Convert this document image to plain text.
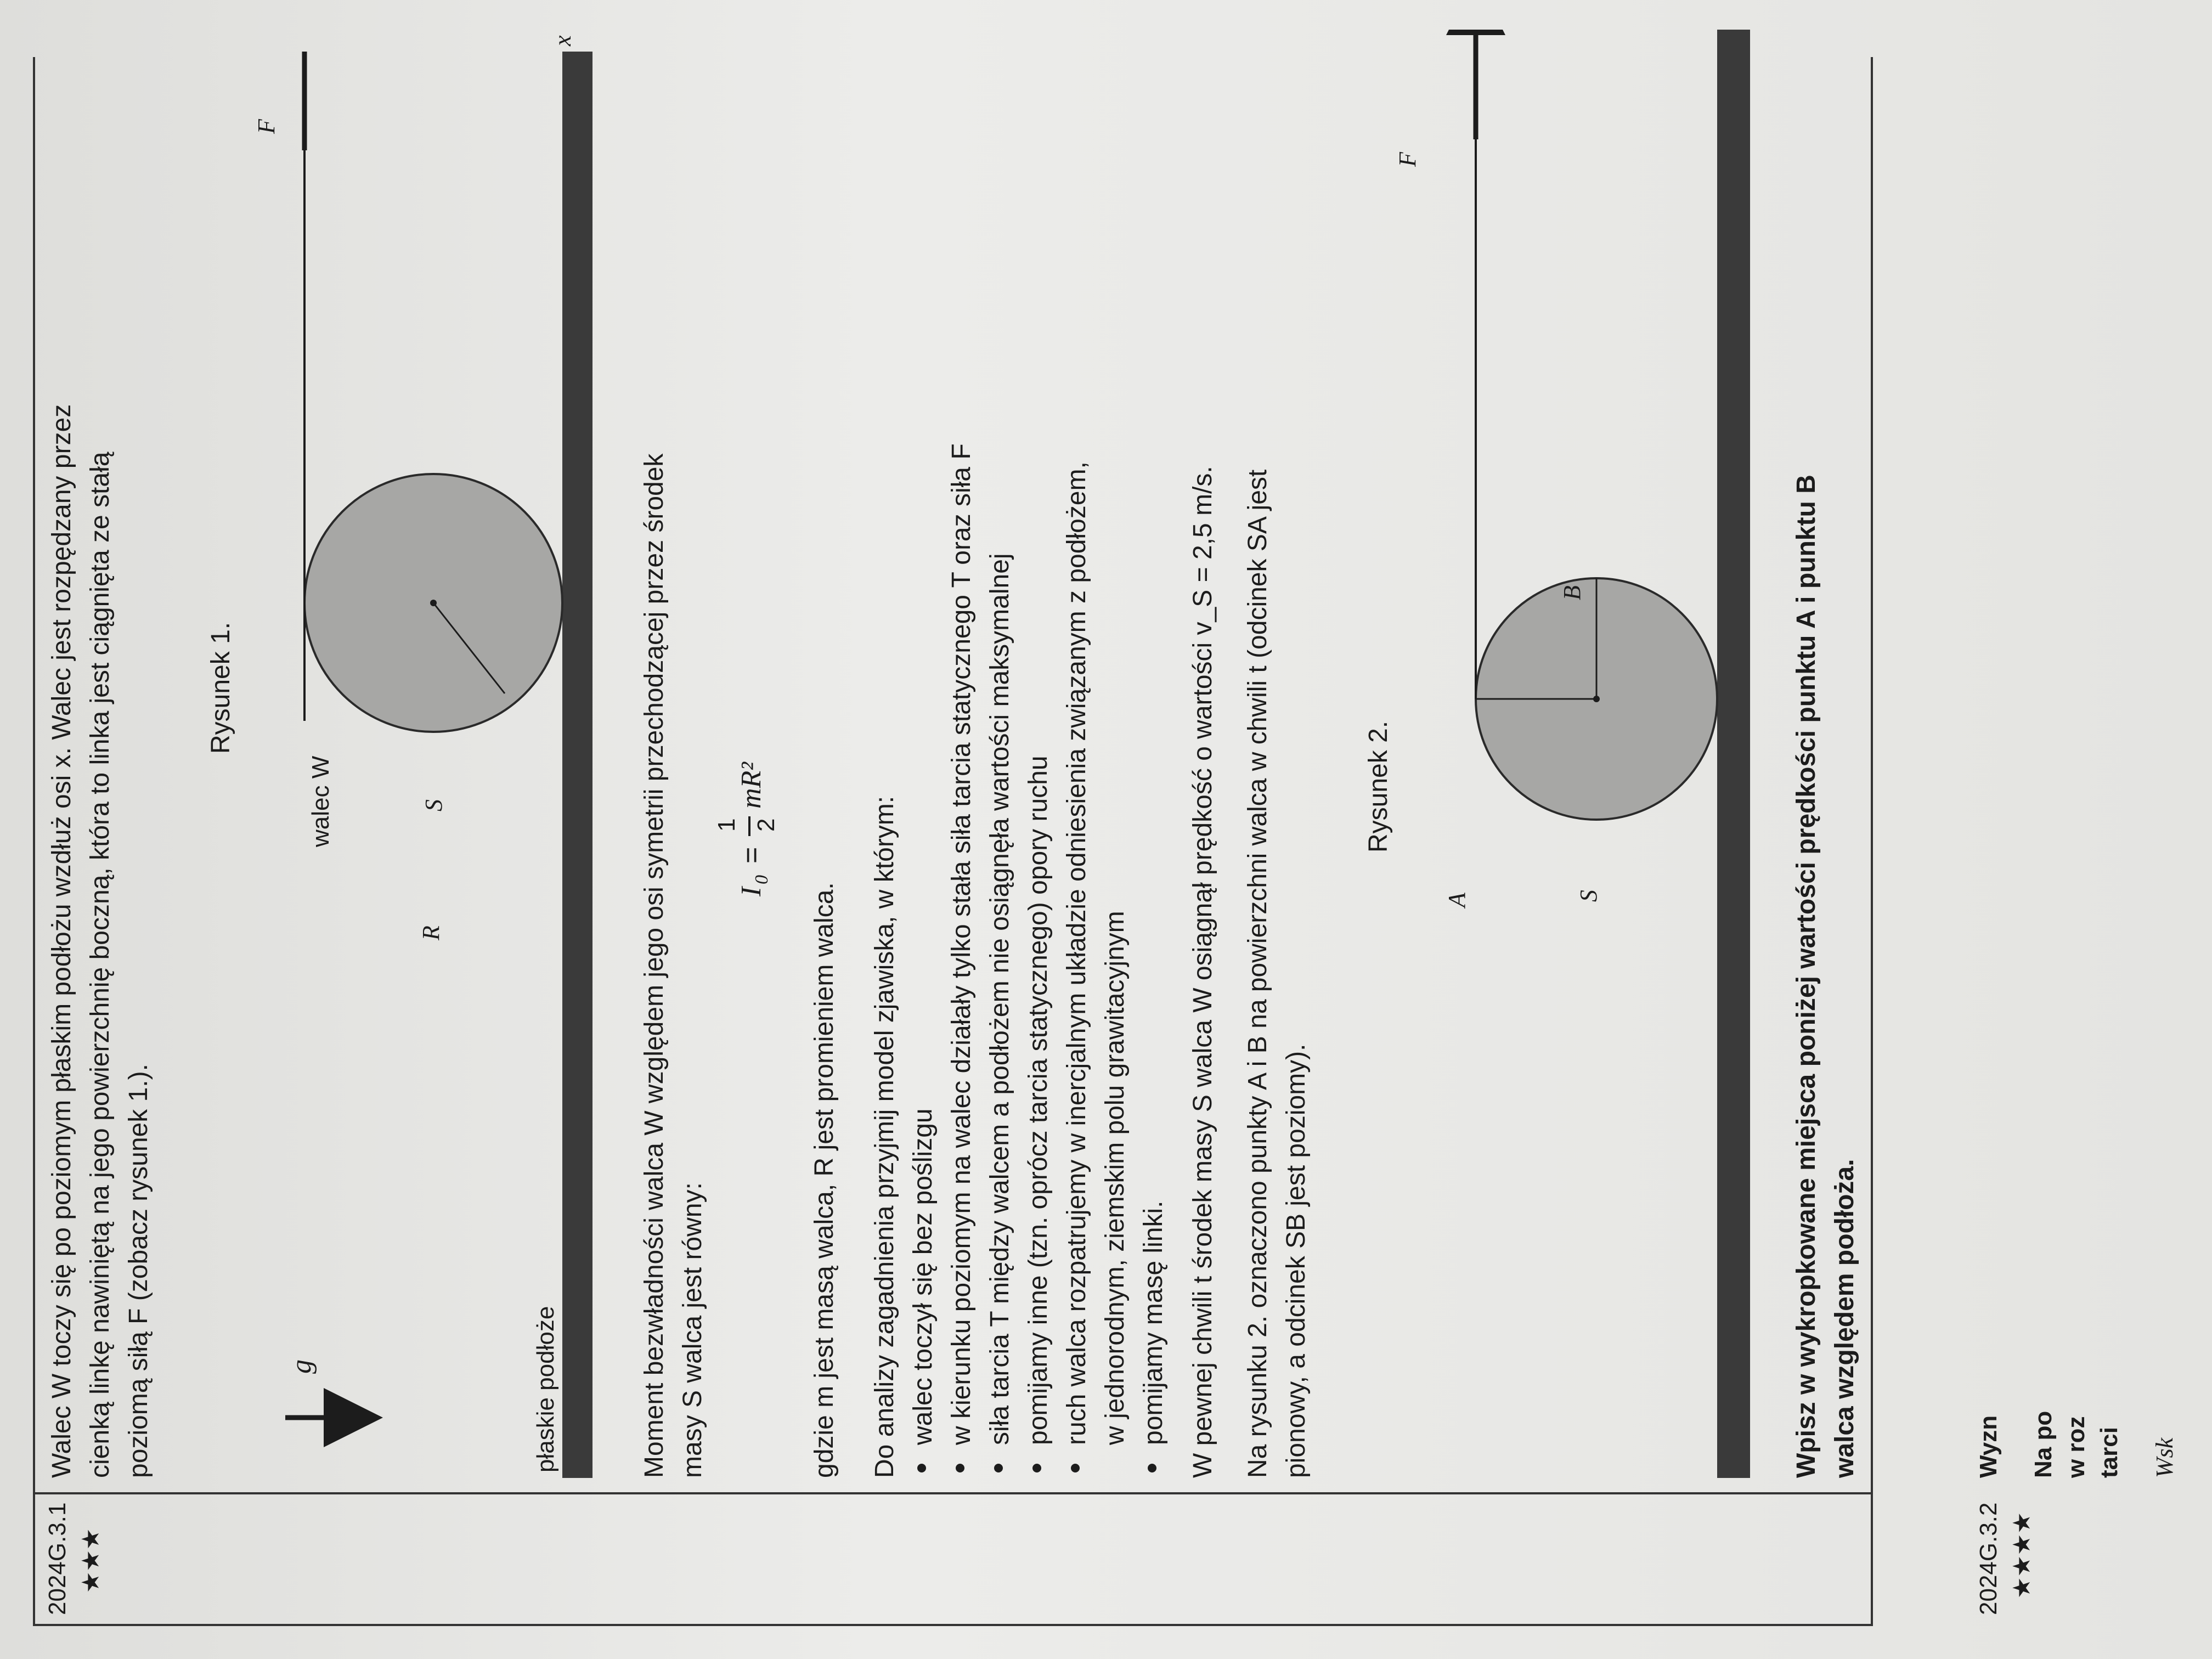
2024G.3.1 ★★★
Walec W toczy się po poziomym płaskim podłożu wzdłuż osi x. Walec jest rozpędzany przez cienką linkę nawiniętą na jego powierzchnię boczną, która to linka jest ciągnięta ze stałą poziomą siłą F (zobacz rysunek 1.).
Rysunek 1.
g
x
F
walec W
R
S
płaskie podłoże	Moment bezwładności walca W względem jego osi symetrii przechodzącej przez środek masy S walca jest równy:
I
0
=
1 2
mR²
gdzie m jest masą walca, R jest promieniem walca. Do analizy zagadnienia przyjmij model zjawiska, w którym: walec toczył się bez poślizgu w kierunku poziomym na walec działały tylko stała siła tarcia statycznego T oraz siła F siła tarcia T między walcem a podłożem nie osiągnęła wartości maksymalnej pomijamy inne (tzn. oprócz tarcia statycznego) opory ruchu ruch walca rozpatrujemy w inercjalnym układzie odniesienia związanym z podłożem, w jednorodnym, ziemskim polu grawitacyjnym pomijamy masę linki. W pewnej chwili t środek masy S walca W osiągnął prędkość o wartości v_S = 2,5 m/s. Na rysunku 2. oznaczono punkty A i B na powierzchni walca w chwili t (odcinek SA jest pionowy, a odcinek SB jest poziomy).
Rysunek 2.
A
B
S
F
Wpisz w wykropkowane miejsca poniżej wartości prędkości punktu A i punktu B walca względem podłoża.
2024G.3.2 ★★★★
Wyzn Na po w roz tarci Wsk
